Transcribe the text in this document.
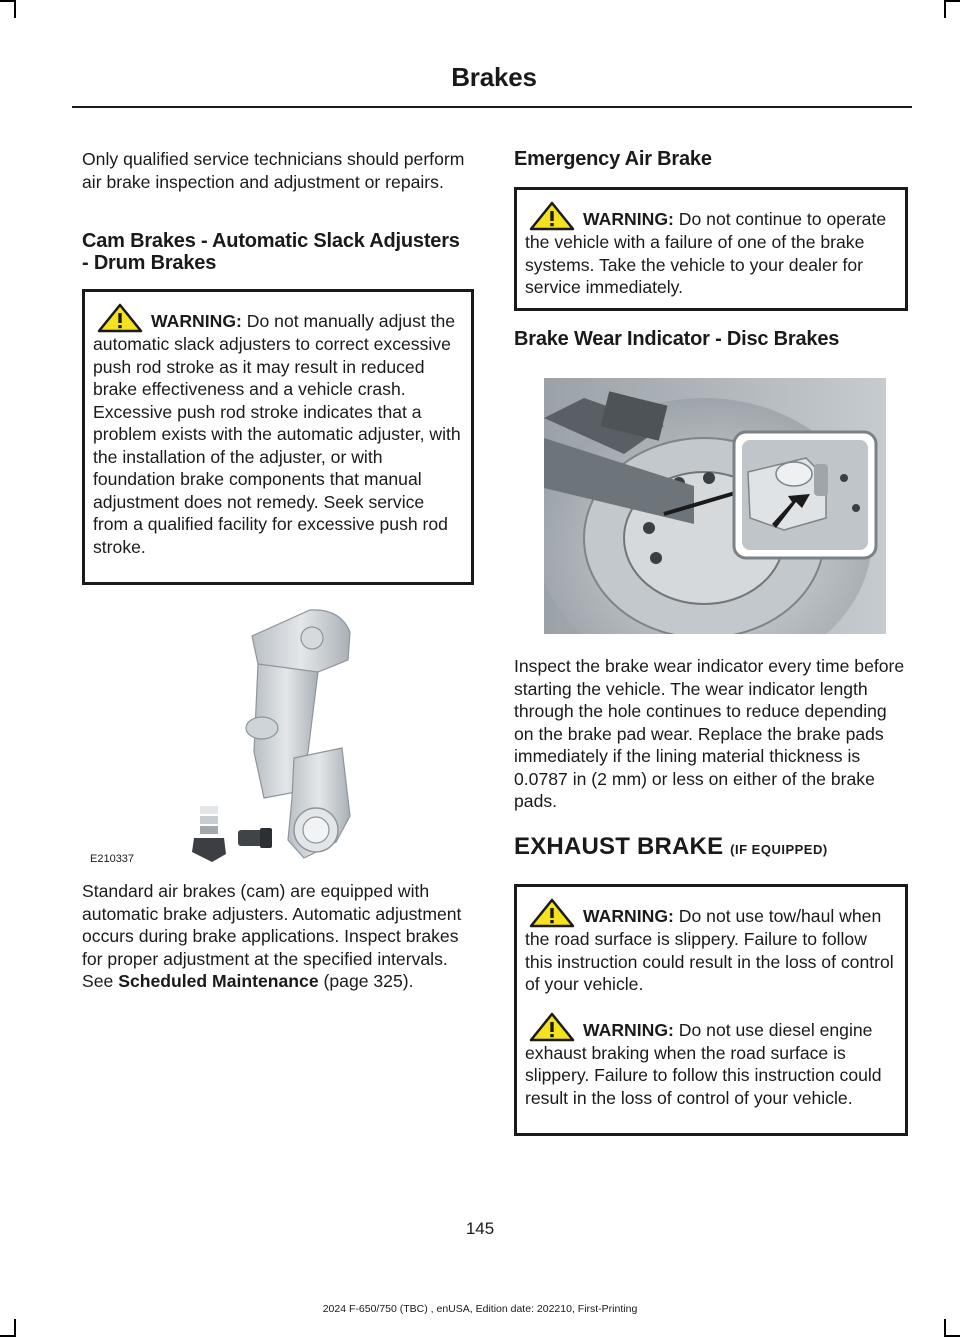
Brakes

Only qualified service technicians should perform air brake inspection and adjustment or repairs.

Cam Brakes - Automatic Slack Adjusters - Drum Brakes

WARNING: Do not manually adjust the automatic slack adjusters to correct excessive push rod stroke as it may result in reduced brake effectiveness and a vehicle crash. Excessive push rod stroke indicates that a problem exists with the automatic adjuster, with the installation of the adjuster, or with foundation brake components that manual adjustment does not remedy. Seek service from a qualified facility for excessive push rod stroke.

E210337

Standard air brakes (cam) are equipped with automatic brake adjusters. Automatic adjustment occurs during brake applications. Inspect brakes for proper adjustment at the specified intervals. See Scheduled Maintenance (page 325).

Emergency Air Brake

WARNING: Do not continue to operate the vehicle with a failure of one of the brake systems. Take the vehicle to your dealer for service immediately.

Brake Wear Indicator - Disc Brakes

Inspect the brake wear indicator every time before starting the vehicle. The wear indicator length through the hole continues to reduce depending on the brake pad wear. Replace the brake pads immediately if the lining material thickness is 0.0787 in (2 mm) or less on either of the brake pads.

EXHAUST BRAKE (IF EQUIPPED)

WARNING: Do not use tow/haul when the road surface is slippery. Failure to follow this instruction could result in the loss of control of your vehicle.

WARNING: Do not use diesel engine exhaust braking when the road surface is slippery. Failure to follow this instruction could result in the loss of control of your vehicle.

145
2024 F-650/750 (TBC) , enUSA, Edition date: 202210, First-Printing
